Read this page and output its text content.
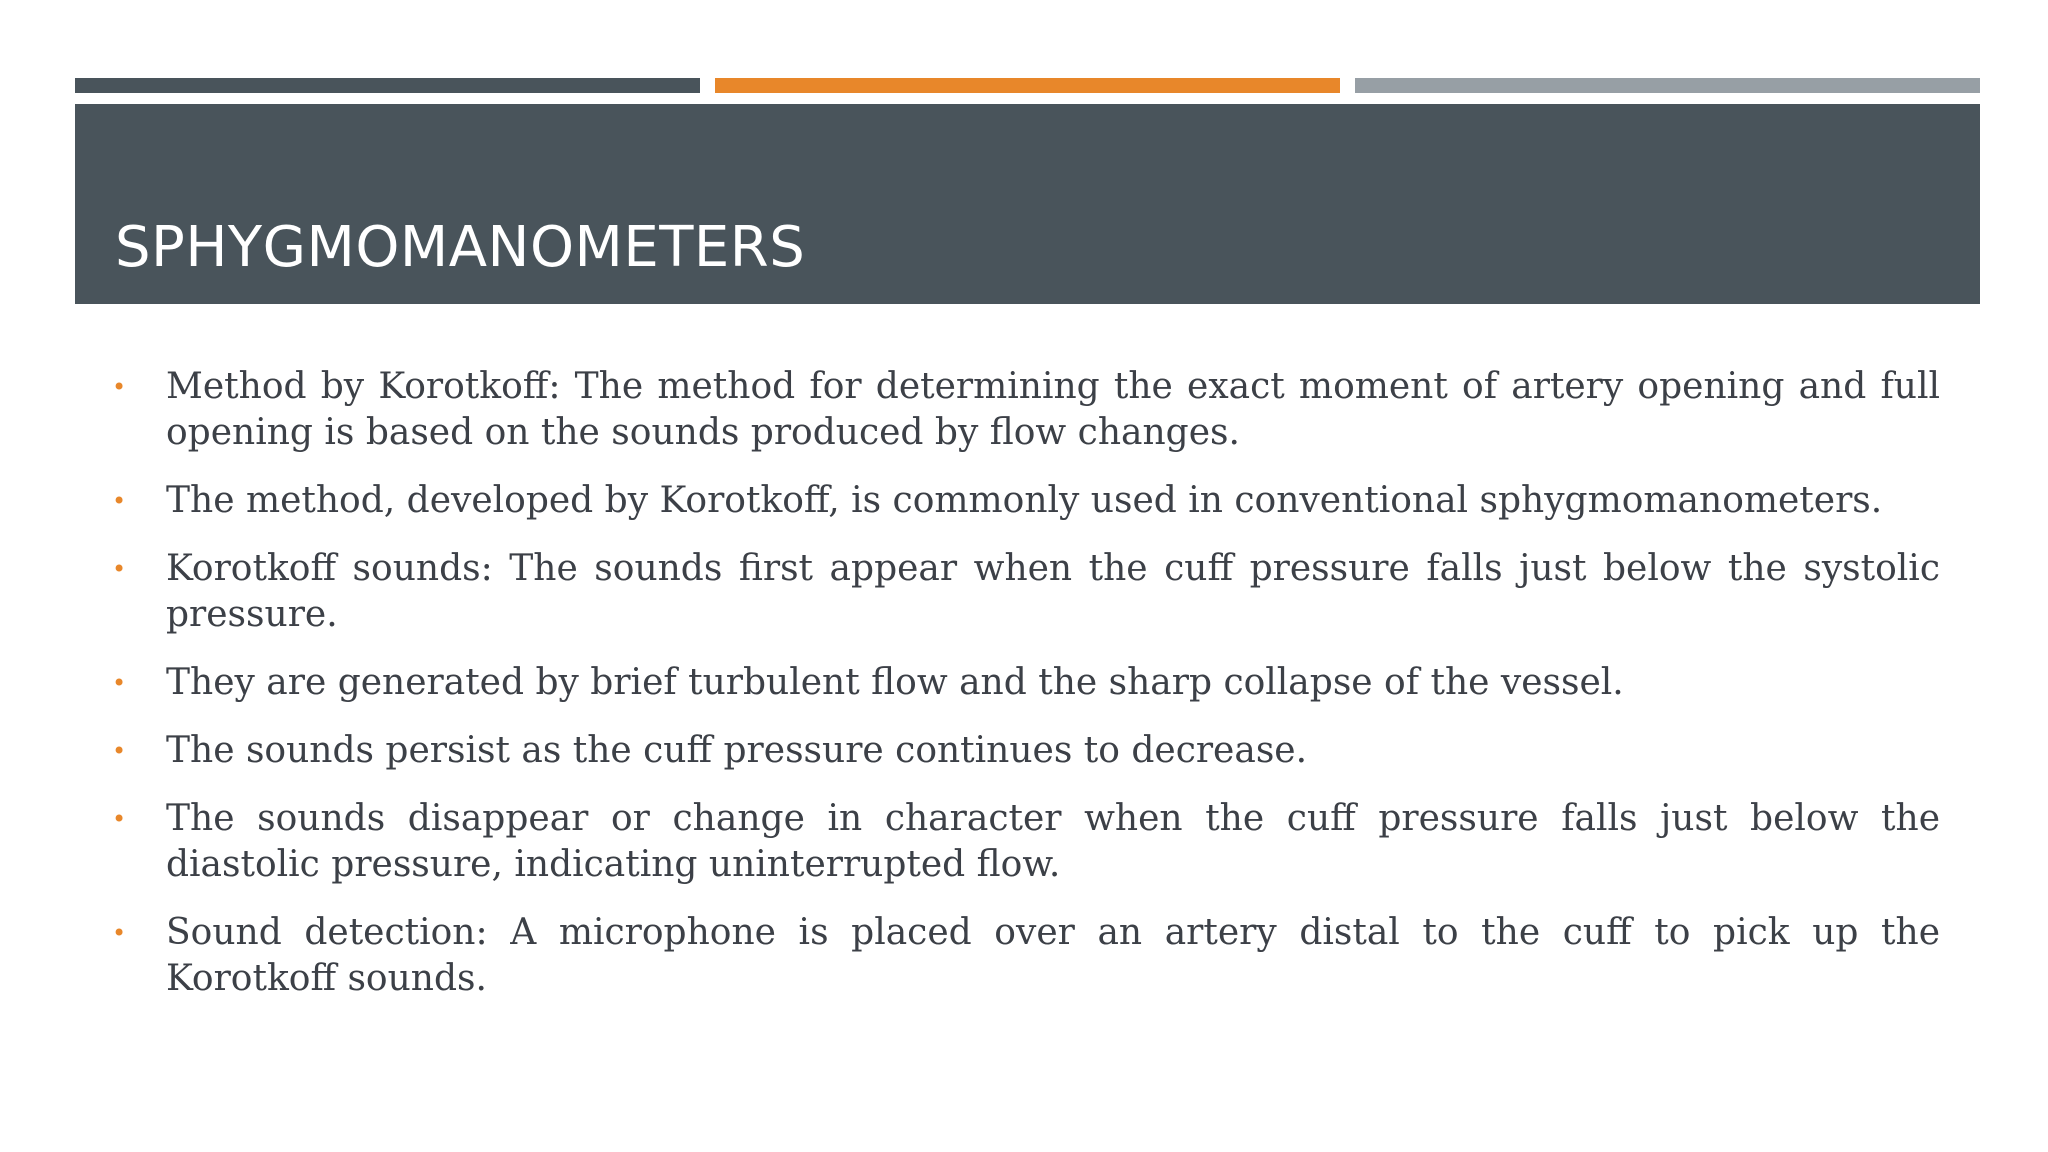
SPHYGMOMANOMETERS
• Method by Korotkoff: The method for determining the exact moment of artery opening and full opening is based on the sounds produced by flow changes.
• The method, developed by Korotkoff, is commonly used in conventional sphygmomanometers.
• Korotkoff sounds: The sounds first appear when the cuff pressure falls just below the systolic pressure.
• They are generated by brief turbulent flow and the sharp collapse of the vessel.
• The sounds persist as the cuff pressure continues to decrease.
• The sounds disappear or change in character when the cuff pressure falls just below the diastolic pressure, indicating uninterrupted flow.
• Sound detection: A microphone is placed over an artery distal to the cuff to pick up the Korotkoff sounds.
